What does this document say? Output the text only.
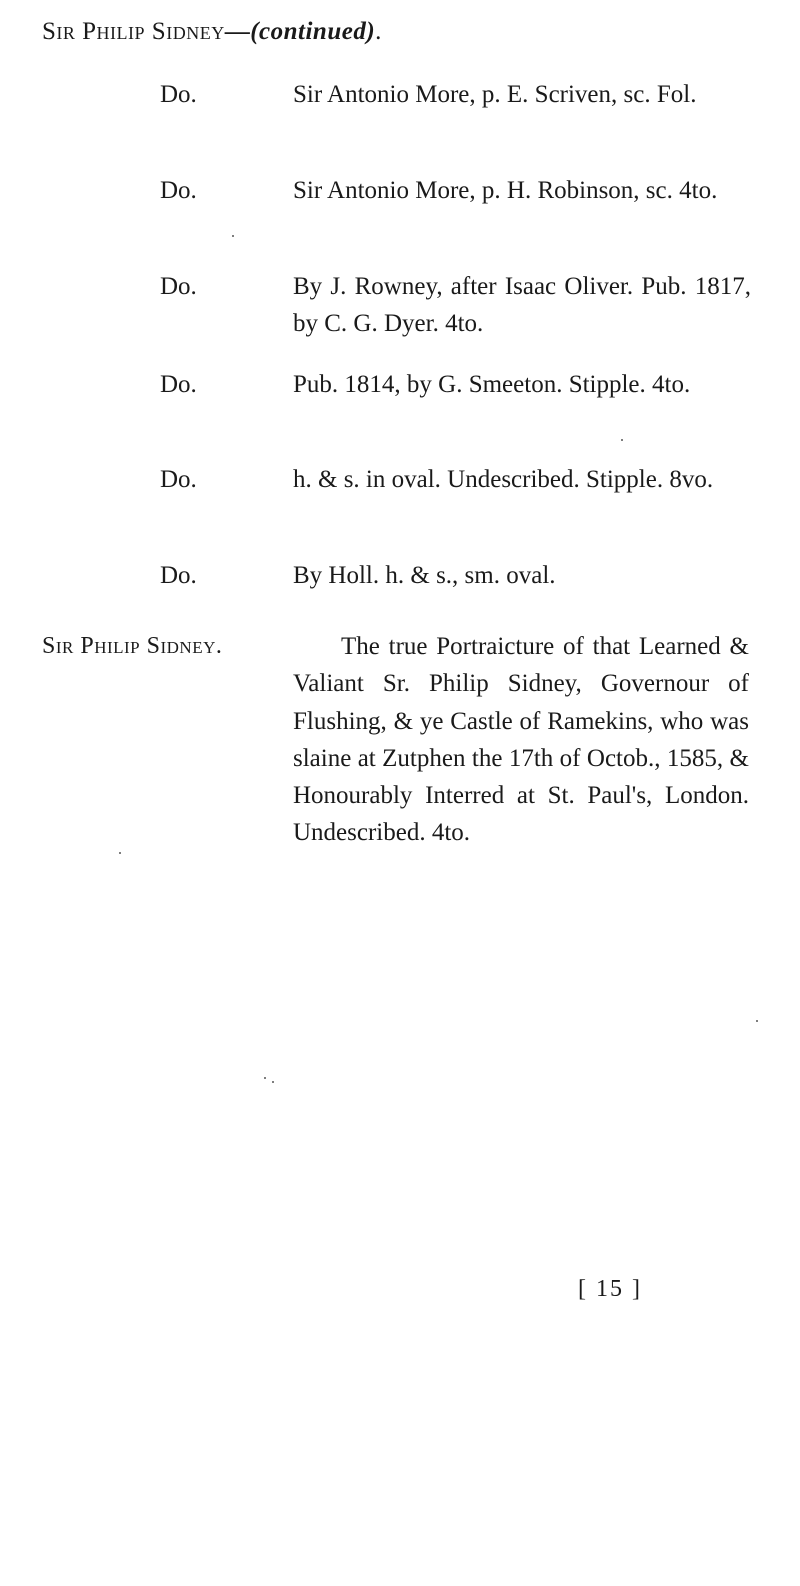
Sir Philip Sidney—(continued).
Do.	Sir Antonio More, p. E. Scriven, sc. Fol.
Do.	Sir Antonio More, p. H. Robinson, sc. 4to.
Do.	By J. Rowney, after Isaac Oliver. Pub. 1817, by C. G. Dyer. 4to.
Do.	Pub. 1814, by G. Smeeton. Stipple. 4to.
Do.	h. & s. in oval. Undescribed. Stipple. 8vo.
Do.	By Holl. h. & s., sm. oval.
Sir Philip Sidney.	The true Portraicture of that Learned & Valiant Sr. Philip Sidney, Governour of Flushing, & ye Castle of Ramekins, who was slaine at Zutphen the 17th of Octob., 1585, & Honourably Interred at St. Paul's, London. Undescribed. 4to.
[ 15 ]
